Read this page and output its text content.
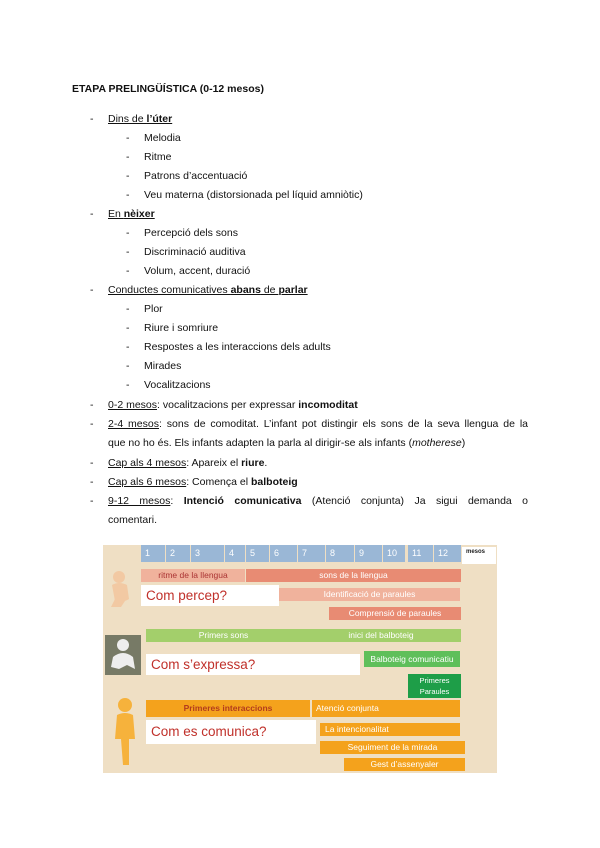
ETAPA PRELINGÜÍSTICA (0-12 mesos)
- Dins de l’úter
- Melodia
- Ritme
- Patrons d’accentuació
- Veu materna (distorsionada pel líquid amniòtic)
- En nèixer
- Percepció dels sons
- Discriminació auditiva
- Volum, accent, duració
- Conductes comunicatives abans de parlar
- Plor
- Riure i somriure
- Respostes a les interaccions dels adults
- Mirades
- Vocalitzacions
- 0-2 mesos: vocalitzacions per expressar incomoditat
- 2-4 mesos: sons de comoditat. L’infant pot distingir els sons de la seva llengua de la
que no ho és. Els infants adapten la parla al dirigir-se als infants (motherese)
- Cap als 4 mesos: Apareix el riure.
- Cap als 6 mesos: Comença el balboteig
- 9-12 mesos: Intenció comunicativa (Atenció conjunta) Ja sigui demanda o
comentari.
1	2	3	4	5	6	7	8	9	10	11	12	mesos
ritme de la llengua	sons de la llengua
Com percep?	Identificació de paraules
Comprensió de paraules
Primers sons	inici del balboteig
Com s’expressa?	Balboteig comunicatiu
Primeres Paraules
Primeres interaccions	Atenció conjunta
Com es comunica?	La intencionalitat
Seguiment de la mirada
Gest d’assenyaler
